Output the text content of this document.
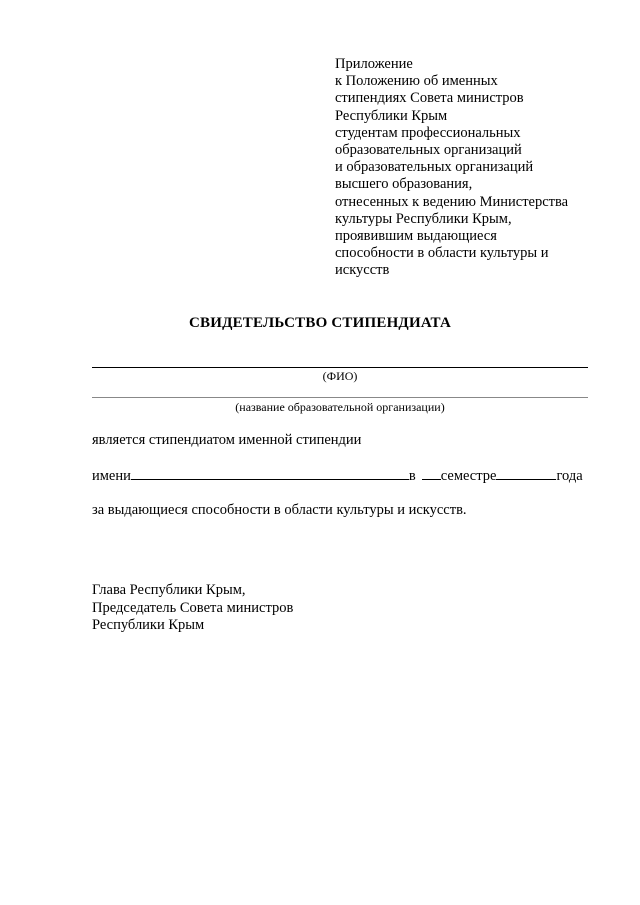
Приложение
к Положению об именных
стипендиях Совета министров
Республики Крым
студентам профессиональных
образовательных организаций
и образовательных организаций
высшего образования,
отнесенных к ведению Министерства
культуры Республики Крым,
проявившим выдающиеся
способности в области культуры и
искусств
СВИДЕТЕЛЬСТВО СТИПЕНДИАТА
(ФИО)
(название образовательной организации)
является стипендиатом именной стипендии
имени	в семестре	года
за выдающиеся способности в области культуры и искусств.
Глава Республики Крым,
Председатель Совета министров
Республики Крым
